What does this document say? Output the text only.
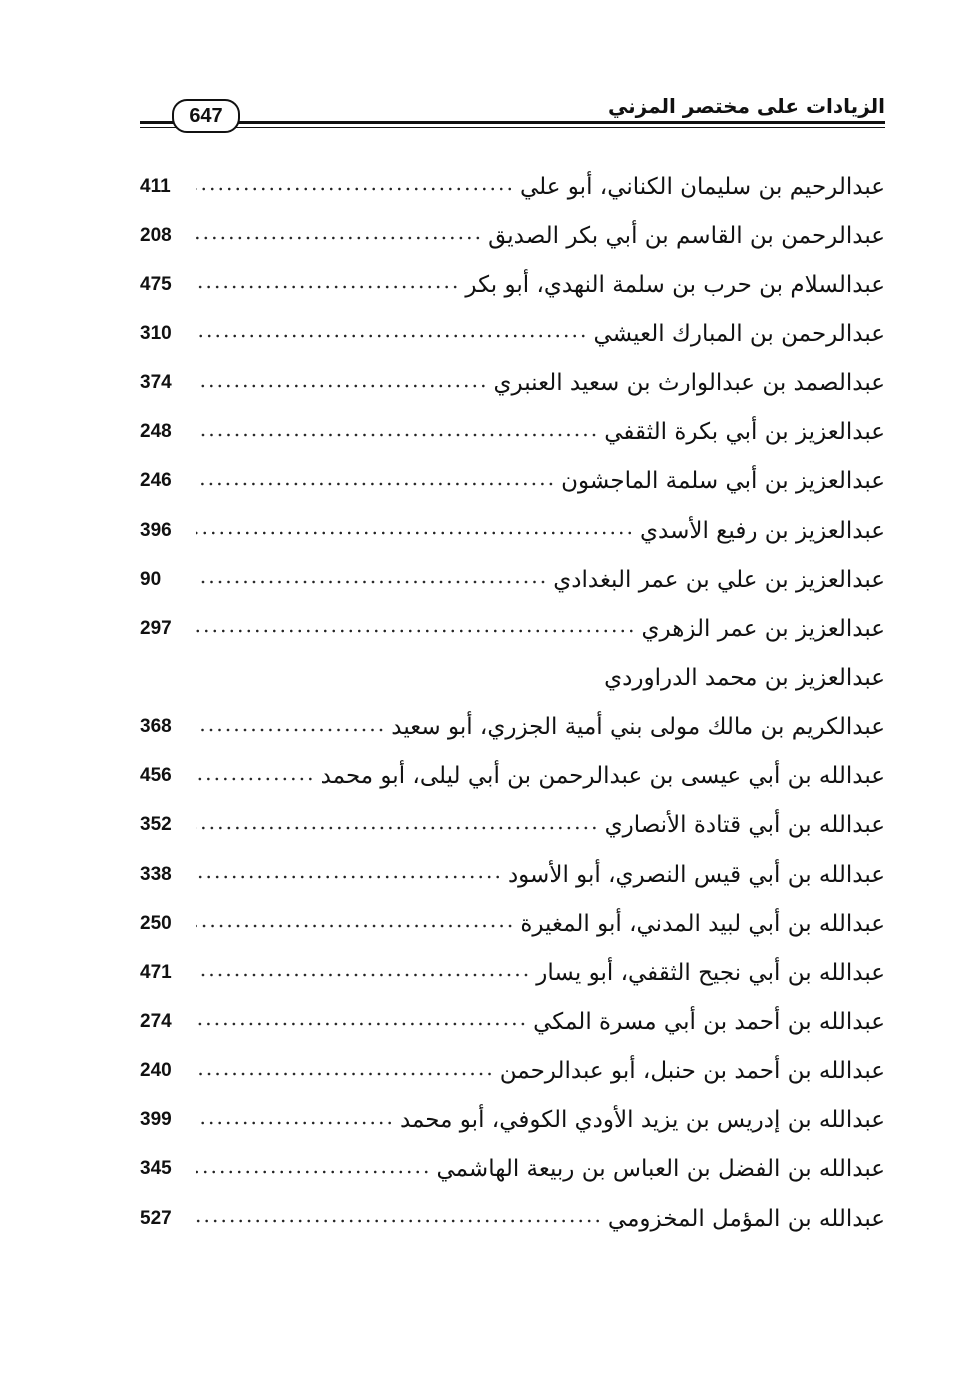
الزيادات على مختصر المزني
647
عبدالرحيم بن سليمان الكناني، أبو علي
411
عبدالرحمن بن القاسم بن أبي بكر الصديق
208
عبدالسلام بن حرب بن سلمة النهدي، أبو بكر
475
عبدالرحمن بن المبارك العيشي
310
عبدالصمد بن عبدالوارث بن سعيد العنبري
374
عبدالعزيز بن أبي بكرة الثقفي
248
عبدالعزيز بن أبي سلمة الماجشون
246
عبدالعزيز بن رفيع الأسدي
396
عبدالعزيز بن علي بن عمر البغدادي
90
عبدالعزيز بن عمر الزهري
297
عبدالعزيز بن محمد الدراوردي
عبدالكريم بن مالك مولى بني أمية الجزري، أبو سعيد
368
عبدالله بن أبي عيسى بن عبدالرحمن بن أبي ليلى، أبو محمد
456
عبدالله بن أبي قتادة الأنصاري
352
عبدالله بن أبي قيس النصري، أبو الأسود
338
عبدالله بن أبي لبيد المدني، أبو المغيرة
250
عبدالله بن أبي نجيح الثقفي، أبو يسار
471
عبدالله بن أحمد بن أبي مسرة المكي
274
عبدالله بن أحمد بن حنبل، أبو عبدالرحمن
240
عبدالله بن إدريس بن يزيد الأودي الكوفي، أبو محمد
399
عبدالله بن الفضل بن العباس بن ربيعة الهاشمي
345
عبدالله بن المؤمل المخزومي
527
